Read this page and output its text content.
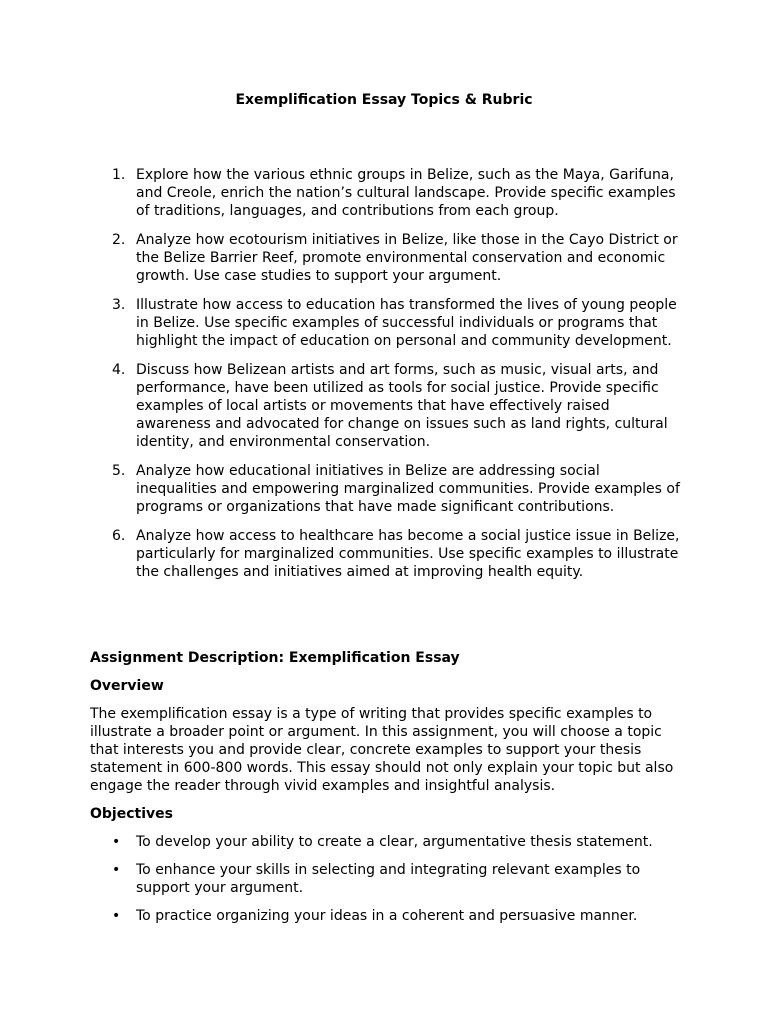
Exemplification Essay Topics & Rubric
1. Explore how the various ethnic groups in Belize, such as the Maya, Garifuna, and Creole, enrich the nation’s cultural landscape. Provide specific examples of traditions, languages, and contributions from each group.
2. Analyze how ecotourism initiatives in Belize, like those in the Cayo District or the Belize Barrier Reef, promote environmental conservation and economic growth. Use case studies to support your argument.
3. Illustrate how access to education has transformed the lives of young people in Belize. Use specific examples of successful individuals or programs that highlight the impact of education on personal and community development.
4. Discuss how Belizean artists and art forms, such as music, visual arts, and performance, have been utilized as tools for social justice. Provide specific examples of local artists or movements that have effectively raised awareness and advocated for change on issues such as land rights, cultural identity, and environmental conservation.
5. Analyze how educational initiatives in Belize are addressing social inequalities and empowering marginalized communities. Provide examples of programs or organizations that have made significant contributions.
6. Analyze how access to healthcare has become a social justice issue in Belize, particularly for marginalized communities. Use specific examples to illustrate the challenges and initiatives aimed at improving health equity.
Assignment Description: Exemplification Essay
Overview
The exemplification essay is a type of writing that provides specific examples to illustrate a broader point or argument. In this assignment, you will choose a topic that interests you and provide clear, concrete examples to support your thesis statement in 600-800 words. This essay should not only explain your topic but also engage the reader through vivid examples and insightful analysis.
Objectives
• To develop your ability to create a clear, argumentative thesis statement.
• To enhance your skills in selecting and integrating relevant examples to support your argument.
• To practice organizing your ideas in a coherent and persuasive manner.
